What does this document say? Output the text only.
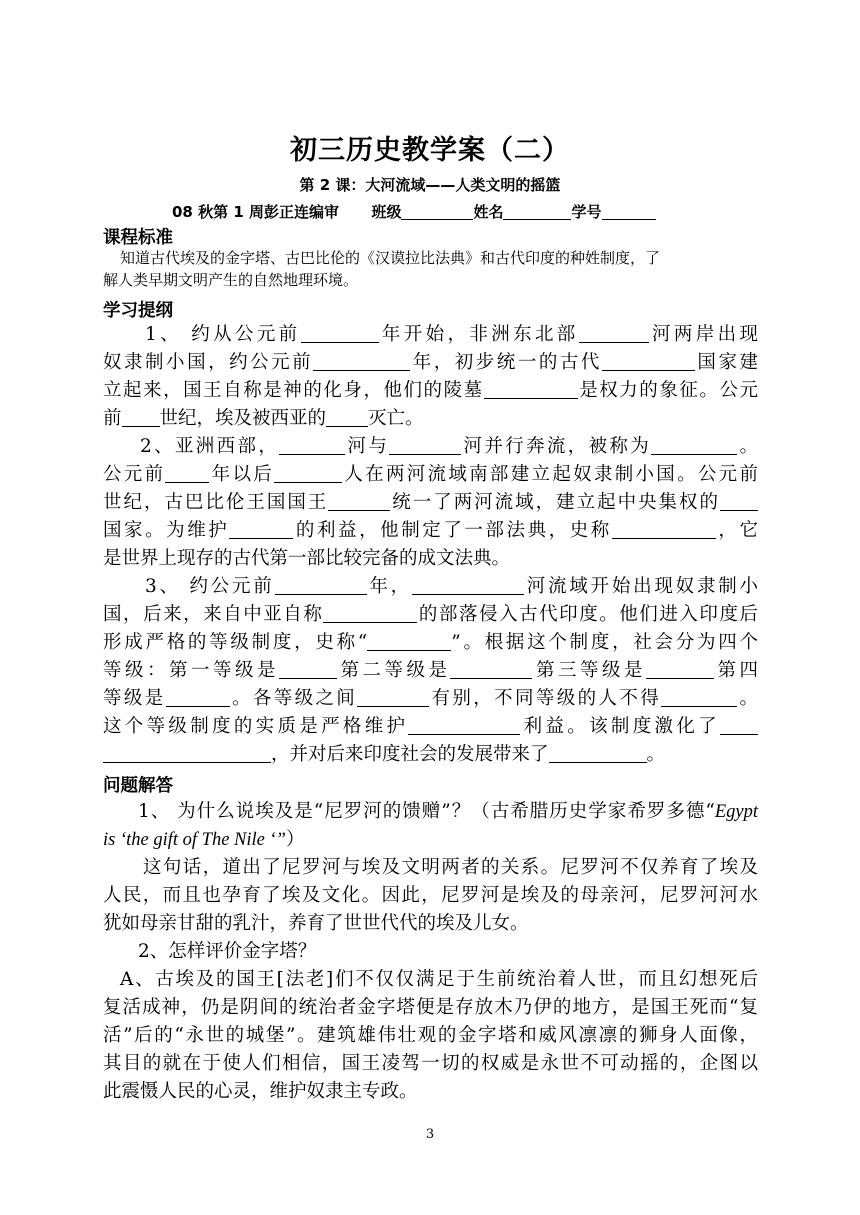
初三历史教学案（二）
第 2 课：大河流域——人类文明的摇篮
08 秋第 1 周彭正连编审 班级	姓名	学号
课程标准
知道古代埃及的金字塔、古巴比伦的《汉谟拉比法典》和古代印度的种姓制度，了
解人类早期文明产生的自然地理环境。
学习提纲
1、 约从公元前	年开始，非洲东北部	河两岸出现
奴隶制小国，约公元前	年，初步统一的古代	国家建
立起来，国王自称是神的化身，他们的陵墓	是权力的象征。公元
前 世纪，埃及被西亚的 灭亡。
2、亚洲西部，	河与	河并行奔流，被称为	。
公元前 年以后	人在两河流域南部建立起奴隶制小国。公元前
世纪，古巴比伦王国国王	统一了两河流域，建立起中央集权的
国家。为维护	的利益，他制定了一部法典，史称	，它
是世界上现存的古代第一部比较完备的成文法典。
3、 约公元前	年，	河流域开始出现奴隶制小
国，后来，来自中亚自称	的部落侵入古代印度。他们进入印度后
形成严格的等级制度，史称“	”。根据这个制度，社会分为四个
等级：第一等级是	第二等级是	第三等级是	第四
等级是	。各等级之间	有别，不同等级的人不得	。
这个等级制度的实质是严格维护	利益。该制度激化了
，并对后来印度社会的发展带来了	。
问题解答
1、 为什么说埃及是“尼罗河的馈赠”？（古希腊历史学家希罗多德“Egypt
is ‘the gift of The Nile ‘”）
这句话，道出了尼罗河与埃及文明两者的关系。尼罗河不仅养育了埃及
人民，而且也孕育了埃及文化。因此，尼罗河是埃及的母亲河，尼罗河河水
犹如母亲甘甜的乳汁，养育了世世代代的埃及儿女。
2、怎样评价金字塔？
A、古埃及的国王[法老]们不仅仅满足于生前统治着人世，而且幻想死后
复活成神，仍是阴间的统治者金字塔便是存放木乃伊的地方，是国王死而“复
活”后的“永世的城堡”。建筑雄伟壮观的金字塔和威风凛凛的狮身人面像，
其目的就在于使人们相信，国王凌驾一切的权威是永世不可动摇的，企图以
此震慑人民的心灵，维护奴隶主专政。
3
